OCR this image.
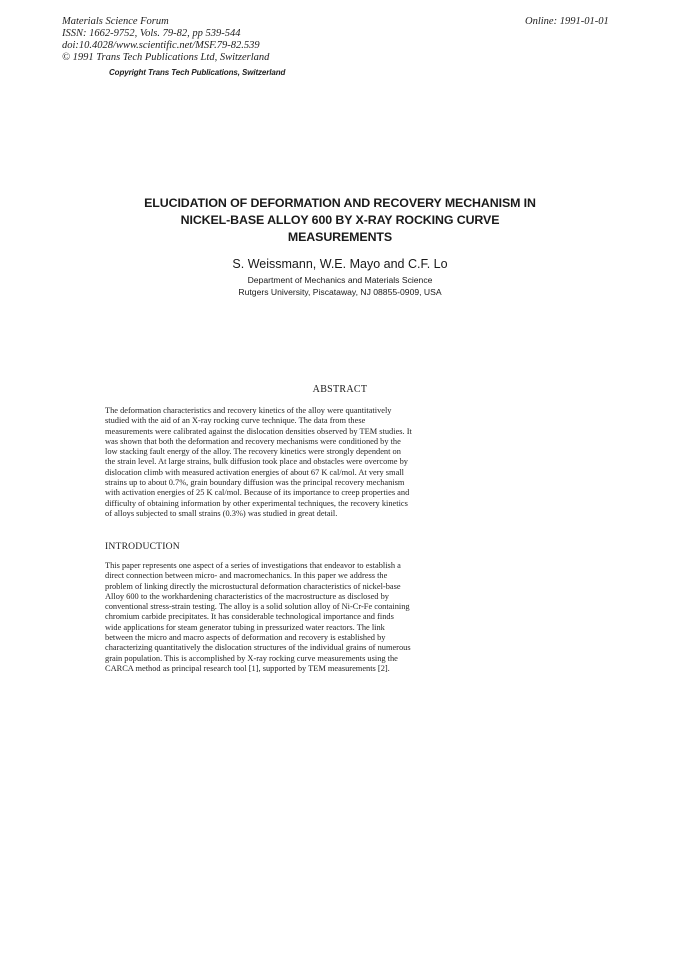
Materials Science Forum
ISSN: 1662-9752, Vols. 79-82, pp 539-544
doi:10.4028/www.scientific.net/MSF.79-82.539
© 1991 Trans Tech Publications Ltd, Switzerland
Online: 1991-01-01
Copyright Trans Tech Publications, Switzerland
ELUCIDATION OF DEFORMATION AND RECOVERY MECHANISM IN
NICKEL-BASE ALLOY 600 BY X-RAY ROCKING CURVE
MEASUREMENTS
S. Weissmann, W.E. Mayo and C.F. Lo
Department of Mechanics and Materials Science
Rutgers University, Piscataway, NJ 08855-0909, USA
ABSTRACT
The deformation characteristics and recovery kinetics of the alloy were quantitatively
studied with the aid of an X-ray rocking curve technique. The data from these
measurements were calibrated against the dislocation densities observed by TEM studies. It
was shown that both the deformation and recovery mechanisms were conditioned by the
low stacking fault energy of the alloy. The recovery kinetics were strongly dependent on
the strain level. At large strains, bulk diffusion took place and obstacles were overcome by
dislocation climb with measured activation energies of about 67 K cal/mol. At very small
strains up to about 0.7%, grain boundary diffusion was the principal recovery mechanism
with activation energies of 25 K cal/mol. Because of its importance to creep properties and
difficulty of obtaining information by other experimental techniques, the recovery kinetics
of alloys subjected to small strains (0.3%) was studied in great detail.
INTRODUCTION
This paper represents one aspect of a series of investigations that endeavor to establish a
direct connection between micro- and macromechanics. In this paper we address the
problem of linking directly the microstuctural deformation characteristics of nickel-base
Alloy 600 to the workhardening characteristics of the macrostructure as disclosed by
conventional stress-strain testing. The alloy is a solid solution alloy of Ni-Cr-Fe containing
chromium carbide precipitates. It has considerable technological importance and finds
wide applications for steam generator tubing in pressurized water reactors. The link
between the micro and macro aspects of deformation and recovery is established by
characterizing quantitatively the dislocation structures of the individual grains of numerous
grain population. This is accomplished by X-ray rocking curve measurements using the
CARCA method as principal research tool [1], supported by TEM measurements [2].
